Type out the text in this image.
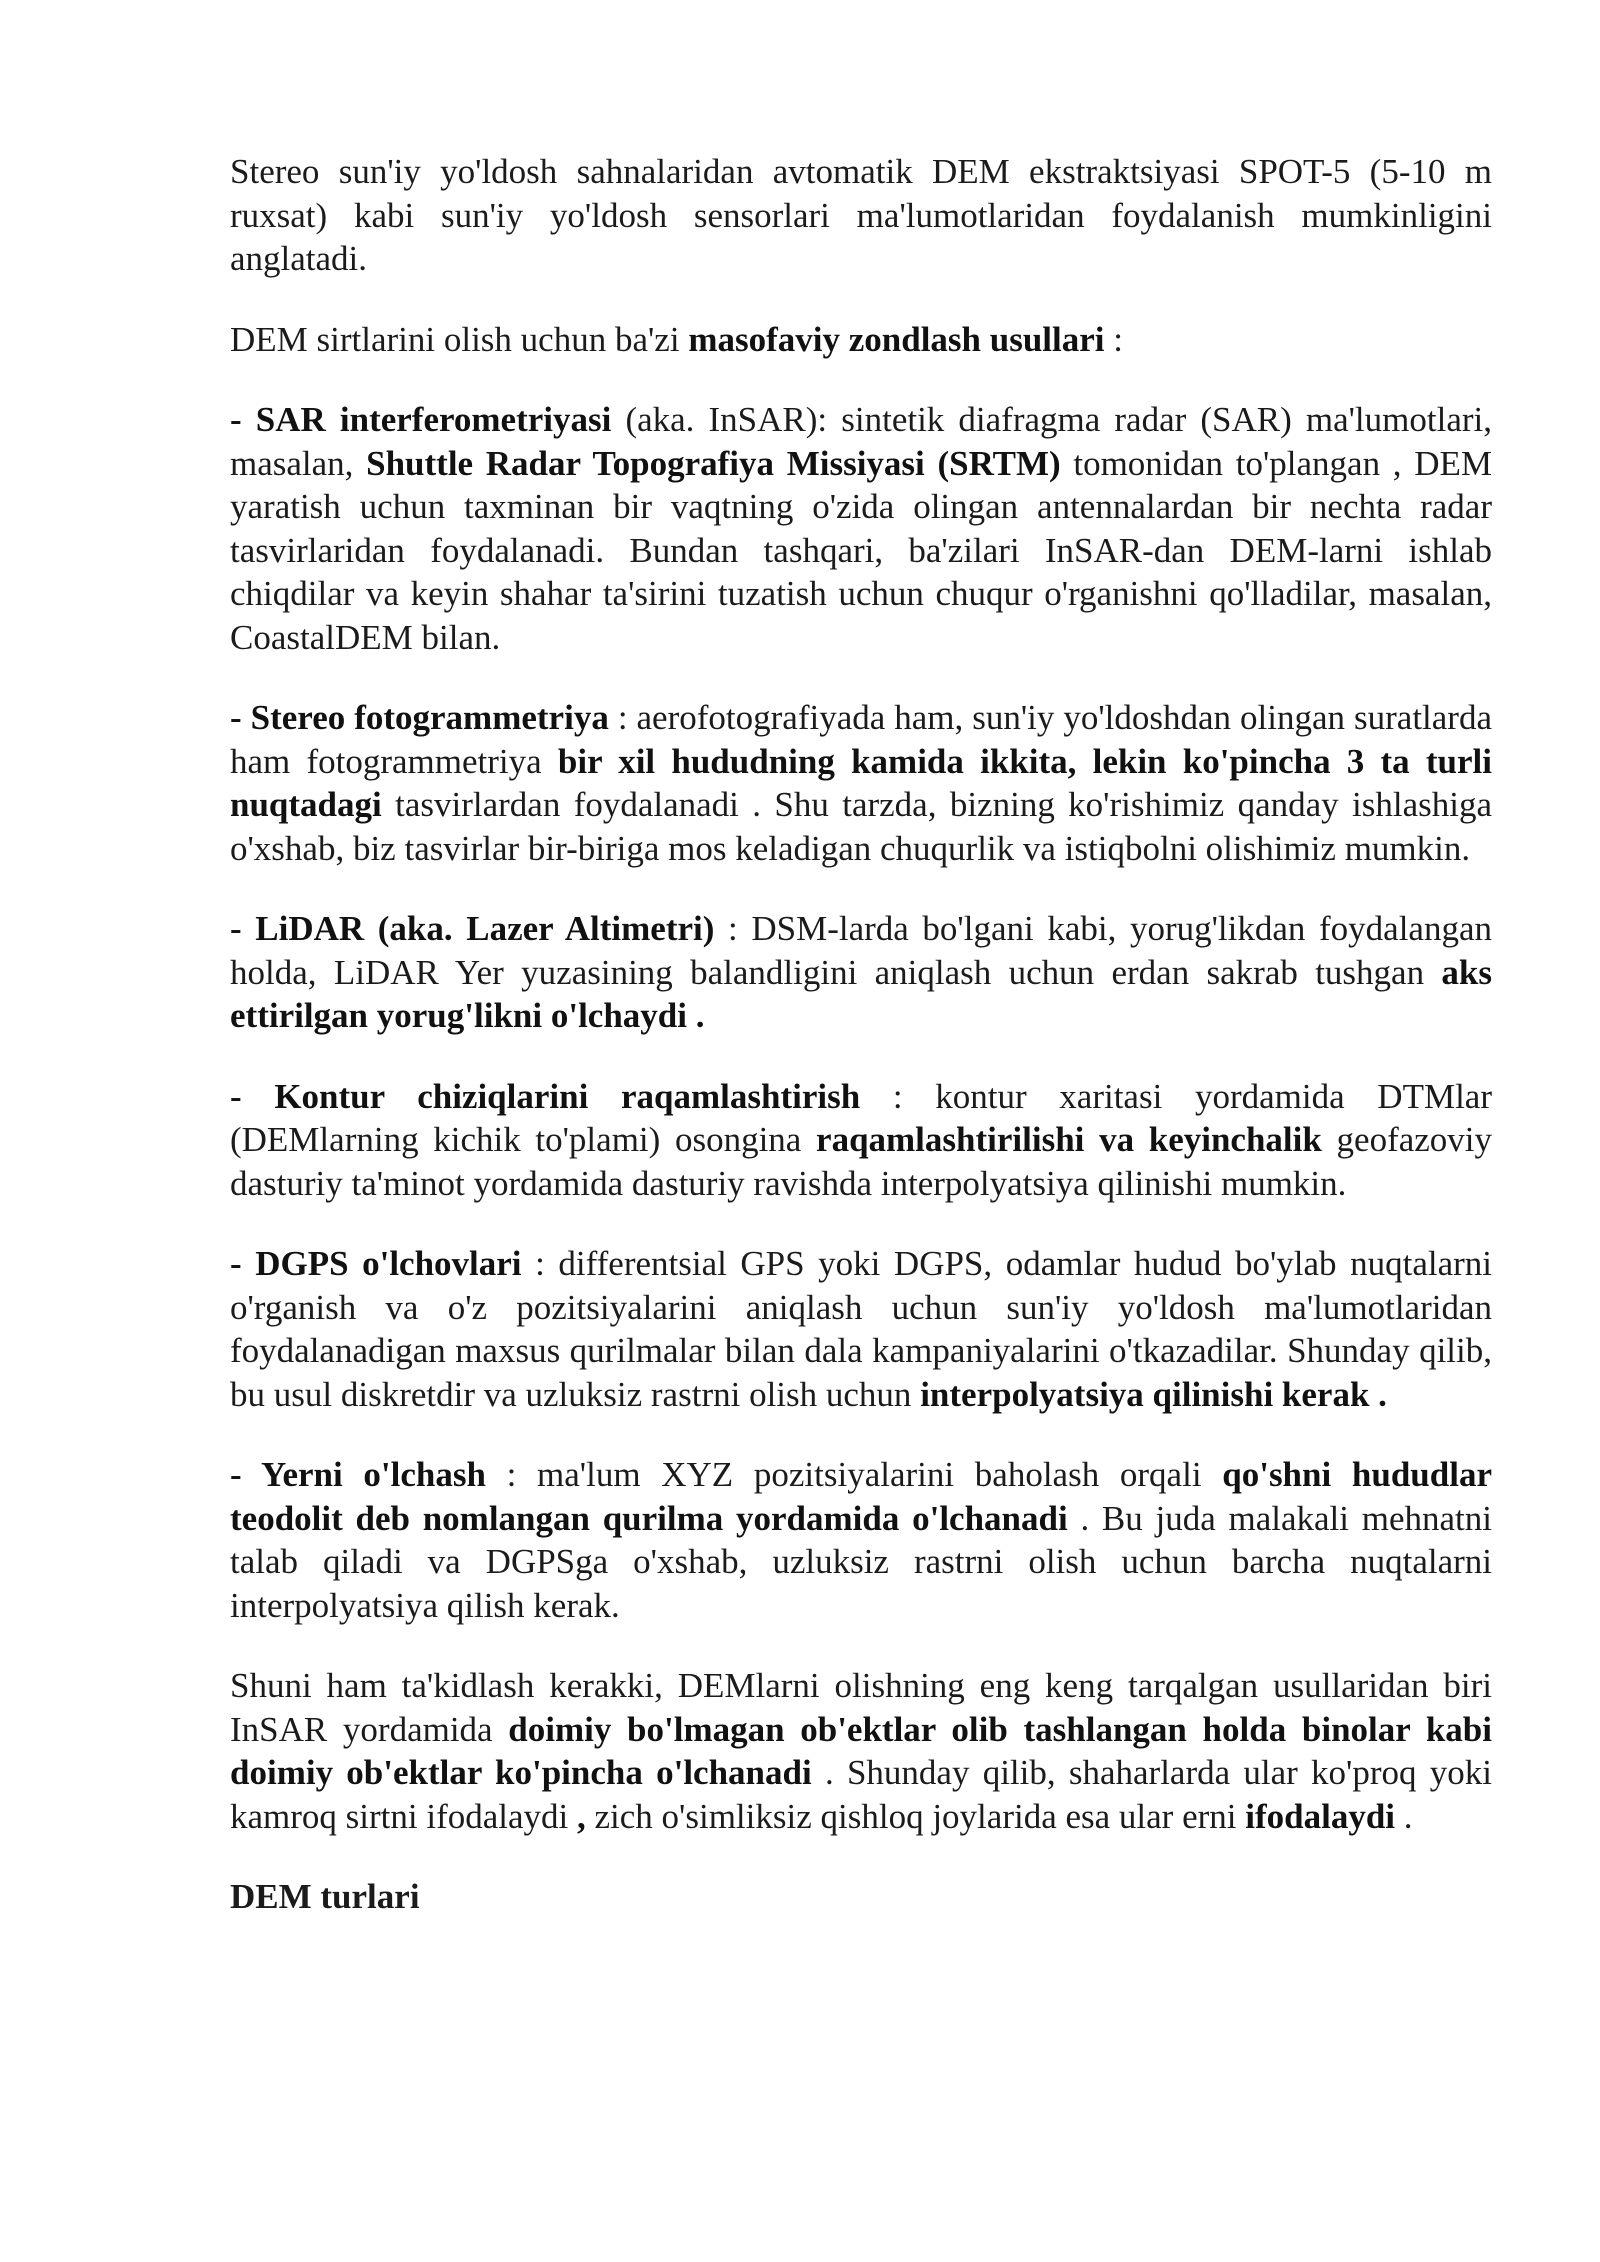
Stereo sun'iy yo'ldosh sahnalaridan avtomatik DEM ekstraktsiyasi SPOT-5 (5-10 m ruxsat) kabi sun'iy yo'ldosh sensorlari ma'lumotlaridan foydalanish mumkinligini anglatadi.

DEM sirtlarini olish uchun ba'zi masofaviy zondlash usullari :

- SAR interferometriyasi (aka. InSAR): sintetik diafragma radar (SAR) ma'lumotlari, masalan, Shuttle Radar Topografiya Missiyasi (SRTM) tomonidan to'plangan , DEM yaratish uchun taxminan bir vaqtning o'zida olingan antennalardan bir nechta radar tasvirlaridan foydalanadi. Bundan tashqari, ba'zilari InSAR-dan DEM-larni ishlab chiqdilar va keyin shahar ta'sirini tuzatish uchun chuqur o'rganishni qo'lladilar, masalan, CoastalDEM bilan.

- Stereo fotogrammetriya : aerofotografiyada ham, sun'iy yo'ldoshdan olingan suratlarda ham fotogrammetriya bir xil hududning kamida ikkita, lekin ko'pincha 3 ta turli nuqtadagi tasvirlardan foydalanadi . Shu tarzda, bizning ko'rishimiz qanday ishlashiga o'xshab, biz tasvirlar bir-biriga mos keladigan chuqurlik va istiqbolni olishimiz mumkin.

- LiDAR (aka. Lazer Altimetri) : DSM-larda bo'lgani kabi, yorug'likdan foydalangan holda, LiDAR Yer yuzasining balandligini aniqlash uchun erdan sakrab tushgan aks ettirilgan yorug'likni o'lchaydi .

- Kontur chiziqlarini raqamlashtirish : kontur xaritasi yordamida DTMlar (DEMlarning kichik to'plami) osongina raqamlashtirilishi va keyinchalik geofazoviy dasturiy ta'minot yordamida dasturiy ravishda interpolyatsiya qilinishi mumkin.

- DGPS o'lchovlari : differentsial GPS yoki DGPS, odamlar hudud bo'ylab nuqtalarni o'rganish va o'z pozitsiyalarini aniqlash uchun sun'iy yo'ldosh ma'lumotlaridan foydalanadigan maxsus qurilmalar bilan dala kampaniyalarini o'tkazadilar. Shunday qilib, bu usul diskretdir va uzluksiz rastrni olish uchun interpolyatsiya qilinishi kerak .

- Yerni o'lchash : ma'lum XYZ pozitsiyalarini baholash orqali qo'shni hududlar teodolit deb nomlangan qurilma yordamida o'lchanadi . Bu juda malakali mehnatni talab qiladi va DGPSga o'xshab, uzluksiz rastrni olish uchun barcha nuqtalarni interpolyatsiya qilish kerak.

Shuni ham ta'kidlash kerakki, DEMlarni olishning eng keng tarqalgan usullaridan biri InSAR yordamida doimiy bo'lmagan ob'ektlar olib tashlangan holda binolar kabi doimiy ob'ektlar ko'pincha o'lchanadi . Shunday qilib, shaharlarda ular ko'proq yoki kamroq sirtni ifodalaydi , zich o'simliksiz qishloq joylarida esa ular erni ifodalaydi .

DEM turlari
